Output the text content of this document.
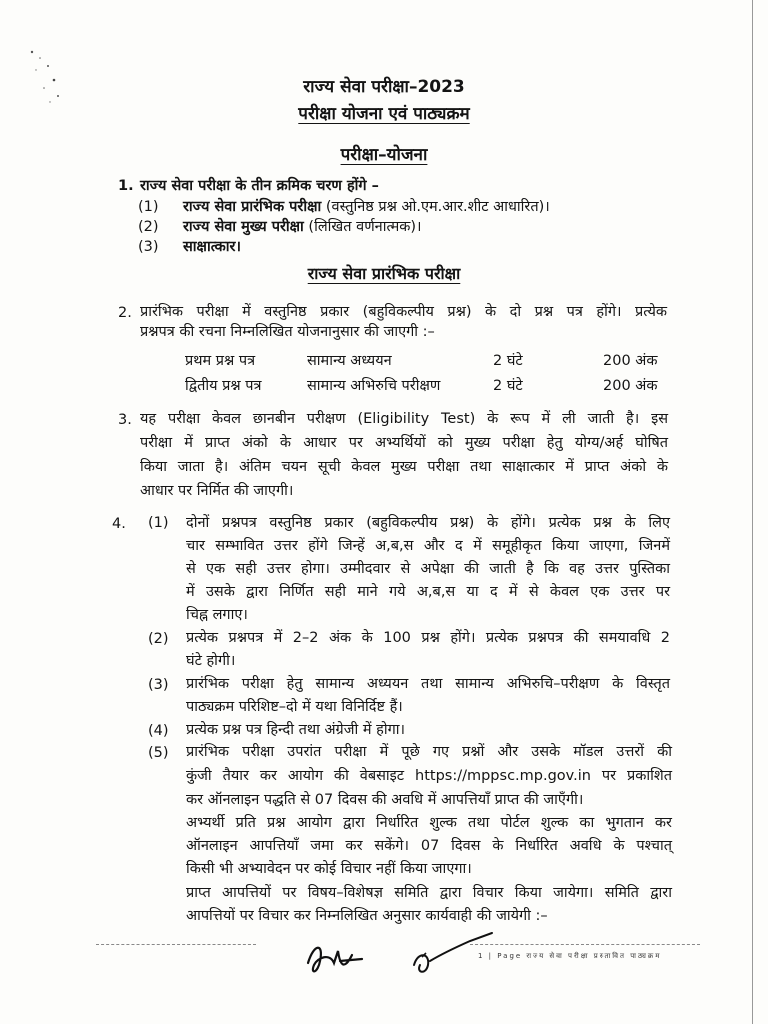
राज्य सेवा परीक्षा–2023
परीक्षा योजना एवं पाठ्यक्रम
परीक्षा–योजना
1. राज्य सेवा परीक्षा के तीन क्रमिक चरण होंगे –
(1) राज्य सेवा प्रारंभिक परीक्षा (वस्तुनिष्ठ प्रश्न ओ.एम.आर.शीट आधारित)।
(2) राज्य सेवा मुख्य परीक्षा (लिखित वर्णनात्मक)।
(3) साक्षात्कार।
राज्य सेवा प्रारंभिक परीक्षा
2. प्रारंभिक परीक्षा में वस्तुनिष्ठ प्रकार (बहुविकल्पीय प्रश्न) के दो प्रश्न पत्र होंगे। प्रत्येक
प्रश्नपत्र की रचना निम्नलिखित योजनानुसार की जाएगी :–
प्रथम प्रश्न पत्र	सामान्य अध्ययन	2 घंटे	200 अंक
द्वितीय प्रश्न पत्र	सामान्य अभिरुचि परीक्षण	2 घंटे	200 अंक
3. यह परीक्षा केवल छानबीन परीक्षण (Eligibility Test) के रूप में ली जाती है। इस
परीक्षा में प्राप्त अंको के आधार पर अभ्यर्थियों को मुख्य परीक्षा हेतु योग्य/अर्ह घोषित
किया जाता है। अंतिम चयन सूची केवल मुख्य परीक्षा तथा साक्षात्कार में प्राप्त अंको के
आधार पर निर्मित की जाएगी।
4. (1) दोनों प्रश्नपत्र वस्तुनिष्ठ प्रकार (बहुविकल्पीय प्रश्न) के होंगे। प्रत्येक प्रश्न के लिए
चार सम्भावित उत्तर होंगे जिन्हें अ,ब,स और द में समूहीकृत किया जाएगा, जिनमें
से एक सही उत्तर होगा। उम्मीदवार से अपेक्षा की जाती है कि वह उत्तर पुस्तिका
में उसके द्वारा निर्णित सही माने गये अ,ब,स या द में से केवल एक उत्तर पर
चिह्न लगाए।
(2) प्रत्येक प्रश्नपत्र में 2–2 अंक के 100 प्रश्न होंगे। प्रत्येक प्रश्नपत्र की समयावधि 2
घंटे होगी।
(3) प्रारंभिक परीक्षा हेतु सामान्य अध्ययन तथा सामान्य अभिरुचि–परीक्षण के विस्तृत
पाठ्यक्रम परिशिष्ट–दो में यथा विनिर्दिष्ट हैं।
(4) प्रत्येक प्रश्न पत्र हिन्दी तथा अंग्रेजी में होगा।
(5) प्रारंभिक परीक्षा उपरांत परीक्षा में पूछे गए प्रश्नों और उसके मॉडल उत्तरों की
कुंजी तैयार कर आयोग की वेबसाइट https://mppsc.mp.gov.in पर प्रकाशित
कर ऑनलाइन पद्धति से 07 दिवस की अवधि में आपत्तियाँ प्राप्त की जाएँगी।
अभ्यर्थी प्रति प्रश्न आयोग द्वारा निर्धारित शुल्क तथा पोर्टल शुल्क का भुगतान कर
ऑनलाइन आपत्तियाँ जमा कर सकेंगे। 07 दिवस के निर्धारित अवधि के पश्चात्
किसी भी अभ्यावेदन पर कोई विचार नहीं किया जाएगा।
प्राप्त आपत्तियों पर विषय–विशेषज्ञ समिति द्वारा विचार किया जायेगा। समिति द्वारा
आपत्तियों पर विचार कर निम्नलिखित अनुसार कार्यवाही की जायेगी :–
1 | Page राज्य सेवा परीक्षा प्रस्तावित पाठ्यक्रम
